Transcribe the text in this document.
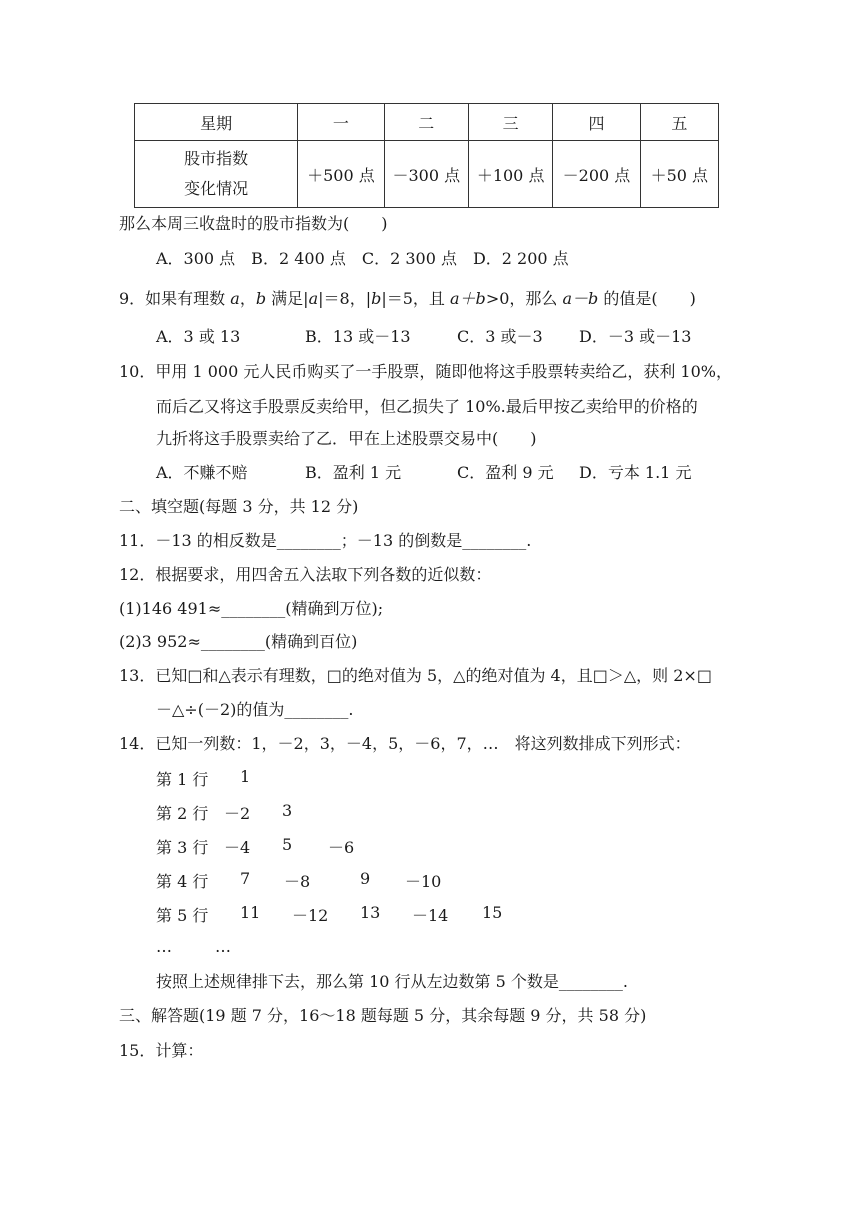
星期	一	二	三	四	五

股市指数
变化情况	＋500 点	－300 点	＋100 点	－200 点	＋50 点
那么本周三收盘时的股市指数为(　　)
A．300 点　B．2 400 点　C．2 300 点　D．2 200 点
9．如果有理数 a，b 满足|a|＝8，|b|＝5，且 a＋b>0，那么 a－b 的值是(　　)
A．3 或 13	B．13 或－13	C．3 或－3 D．－3 或－13
10．甲用 1 000 元人民币购买了一手股票，随即他将这手股票转卖给乙，获利 10%，
而后乙又将这手股票反卖给甲，但乙损失了 10%.最后甲按乙卖给甲的价格的
九折将这手股票卖给了乙．甲在上述股票交易中(　　)
A．不赚不赔	B．盈利 1 元	C．盈利 9 元 D．亏本 1.1 元
二、填空题(每题 3 分，共 12 分)
11．－13 的相反数是________；－13 的倒数是________.
12．根据要求，用四舍五入法取下列各数的近似数：
(1)146 491≈________(精确到万位);
(2)3 952≈________(精确到百位)
13．已知□和△表示有理数，□的绝对值为 5，△的绝对值为 4，且□＞△，则 2×□
－△÷(－2)的值为________.
14．已知一列数：1，－2，3，－4，5，－6，7，…　将这列数排成下列形式：
第 1 行 1
第 2 行 －2 3
第 3 行 －4 5 －6
第 4 行 7 －8	9 －10
第 5 行 11 －12 13 －14 15
…	…
按照上述规律排下去，那么第 10 行从左边数第 5 个数是________.
三、解答题(19 题 7 分，16～18 题每题 5 分，其余每题 9 分，共 58 分)
15．计算：
